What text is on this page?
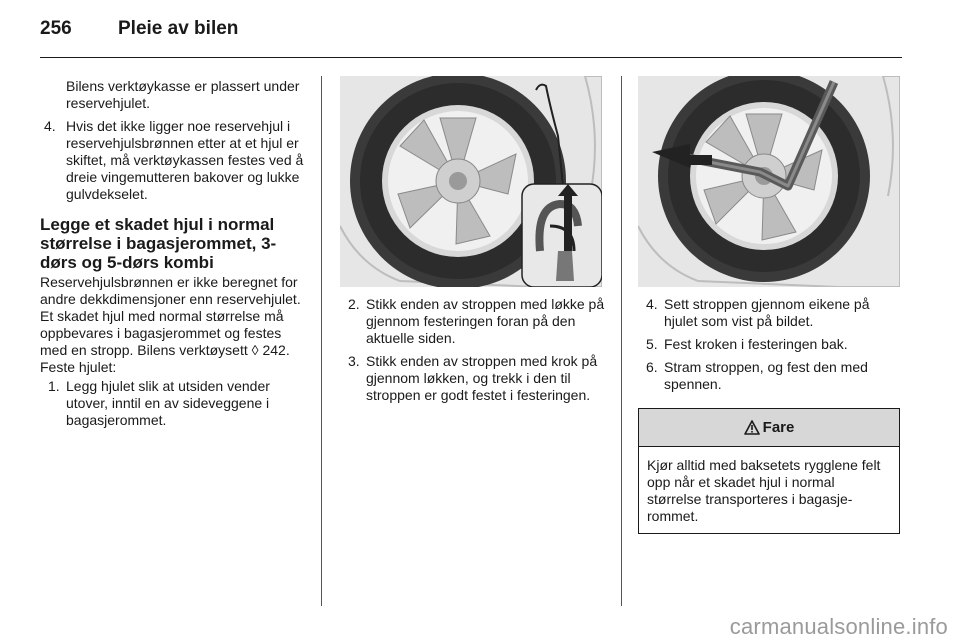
256 Pleie av bilen

Bilens verktøykasse er plassert under reservehjulet.

4. Hvis det ikke ligger noe reservehjul i reservehjulsbrønnen etter at et hjul er skiftet, må verktøykassen festes ved å dreie vingemutteren bakover og lukke gulvdekselet.
Legge et skadet hjul i normal størrelse i bagasjerommet, 3-dørs og 5-dørs kombi

Reservehjulsbrønnen er ikke beregnet for andre dekkdimensjoner enn reservehjulet. Et skadet hjul med normal størrelse må oppbevares i bagasjerommet og festes med en stropp. Bilens verktøysett ◊ 242. Feste hjulet:

1. Legg hjulet slik at utsiden vender utover, inntil en av sideveggene i bagasjerommet.
2. Stikk enden av stroppen med løkke på gjennom festeringen foran på den aktuelle siden.
3. Stikk enden av stroppen med krok på gjennom løkken, og trekk i den til stroppen er godt festet i festeringen.
4. Sett stroppen gjennom eikene på hjulet som vist på bildet.
5. Fest kroken i festeringen bak.
6. Stram stroppen, og fest den med spennen.
Fare
Kjør alltid med baksetets rygglene felt opp når et skadet hjul i normal størrelse transporteres i bagasjerommet.
carmanualsonline.info
